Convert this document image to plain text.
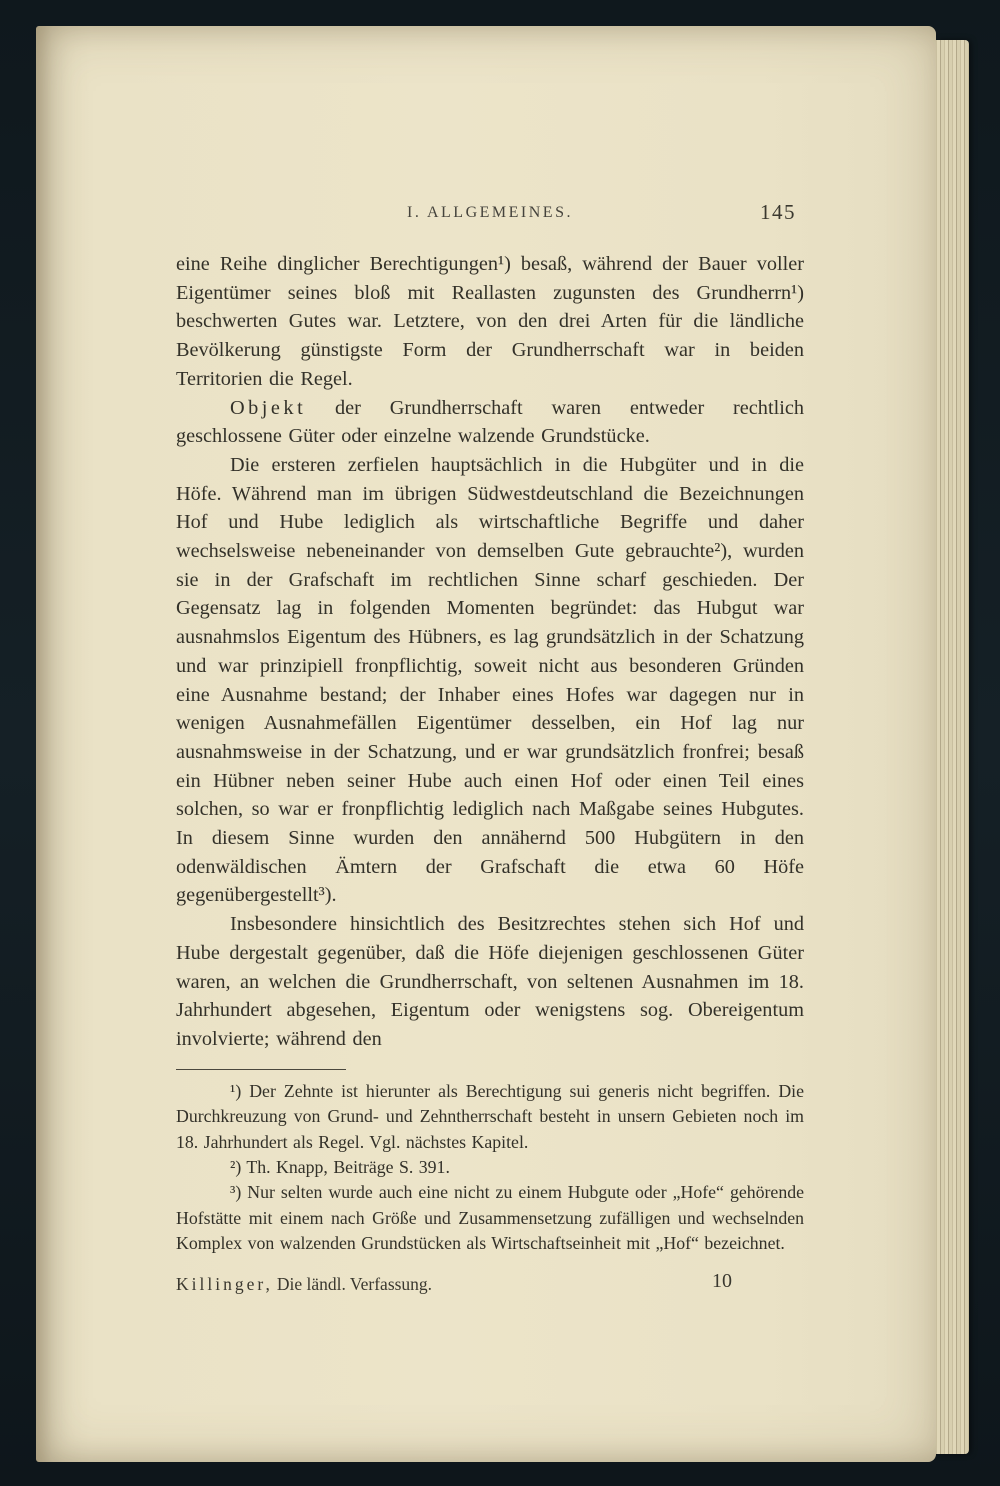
I. ALLGEMEINES.	145

eine Reihe dinglicher Berechtigungen¹) besaß, während der Bauer voller Eigentümer seines bloß mit Reallasten zugunsten des Grundherrn¹) beschwerten Gutes war. Letztere, von den drei Arten für die ländliche Bevölkerung günstigste Form der Grundherrschaft war in beiden Territorien die Regel.

Objekt der Grundherrschaft waren entweder rechtlich geschlossene Güter oder einzelne walzende Grundstücke.

Die ersteren zerfielen hauptsächlich in die Hubgüter und in die Höfe. Während man im übrigen Südwestdeutschland die Bezeichnungen Hof und Hube lediglich als wirtschaftliche Begriffe und daher wechselsweise nebeneinander von demselben Gute gebrauchte²), wurden sie in der Grafschaft im rechtlichen Sinne scharf geschieden. Der Gegensatz lag in folgenden Momenten begründet: das Hubgut war ausnahmslos Eigentum des Hübners, es lag grundsätzlich in der Schatzung und war prinzipiell fronpflichtig, soweit nicht aus besonderen Gründen eine Ausnahme bestand; der Inhaber eines Hofes war dagegen nur in wenigen Ausnahmefällen Eigentümer desselben, ein Hof lag nur ausnahmsweise in der Schatzung, und er war grundsätzlich fronfrei; besaß ein Hübner neben seiner Hube auch einen Hof oder einen Teil eines solchen, so war er fronpflichtig lediglich nach Maßgabe seines Hubgutes. In diesem Sinne wurden den annähernd 500 Hubgütern in den odenwäldischen Ämtern der Grafschaft die etwa 60 Höfe gegenübergestellt³).

Insbesondere hinsichtlich des Besitzrechtes stehen sich Hof und Hube dergestalt gegenüber, daß die Höfe diejenigen geschlossenen Güter waren, an welchen die Grundherrschaft, von seltenen Ausnahmen im 18. Jahrhundert abgesehen, Eigentum oder wenigstens sog. Obereigentum involvierte; während den

¹) Der Zehnte ist hierunter als Berechtigung sui generis nicht begriffen. Die Durchkreuzung von Grund- und Zehntherrschaft besteht in unsern Gebieten noch im 18. Jahrhundert als Regel. Vgl. nächstes Kapitel.

²) Th. Knapp, Beiträge S. 391.

³) Nur selten wurde auch eine nicht zu einem Hubgute oder „Hofe“ gehörende Hofstätte mit einem nach Größe und Zusammensetzung zufälligen und wechselnden Komplex von walzenden Grundstücken als Wirtschaftseinheit mit „Hof“ bezeichnet.

Killinger, Die ländl. Verfassung.	10
